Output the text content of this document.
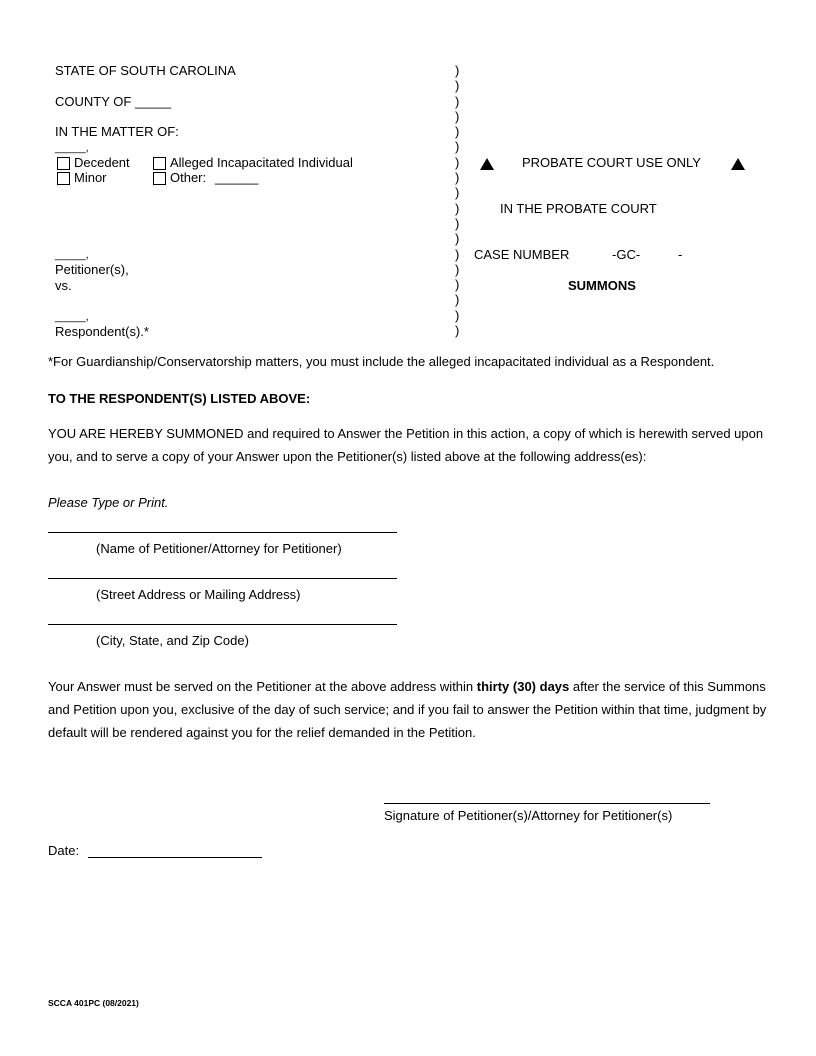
STATE OF SOUTH CAROLINA
COUNTY OF _____
IN THE MATTER OF:
_____,
Decedent	Alleged Incapacitated Individual
Minor	Other: ______
_____,
Petitioner(s),
vs.
_____,
Respondent(s).*
)
)
)
)
)
)
)
)
)
)
)
)
)
)
)
)
)
)
PROBATE COURT USE ONLY
IN THE PROBATE COURT
CASE NUMBER	-GC-	-
SUMMONS
*For Guardianship/Conservatorship matters, you must include the alleged incapacitated individual as a Respondent.
TO THE RESPONDENT(S) LISTED ABOVE:
YOU ARE HEREBY SUMMONED and required to Answer the Petition in this action, a copy of which is herewith served upon you, and to serve a copy of your Answer upon the Petitioner(s) listed above at the following address(es):
Please Type or Print.
(Name of Petitioner/Attorney for Petitioner)
(Street Address or Mailing Address)
(City, State, and Zip Code)
Your Answer must be served on the Petitioner at the above address within thirty (30) days after the service of this Summons and Petition upon you, exclusive of the day of such service; and if you fail to answer the Petition within that time, judgment by default will be rendered against you for the relief demanded in the Petition.
Signature of Petitioner(s)/Attorney for Petitioner(s)
Date:
SCCA 401PC (08/2021)
